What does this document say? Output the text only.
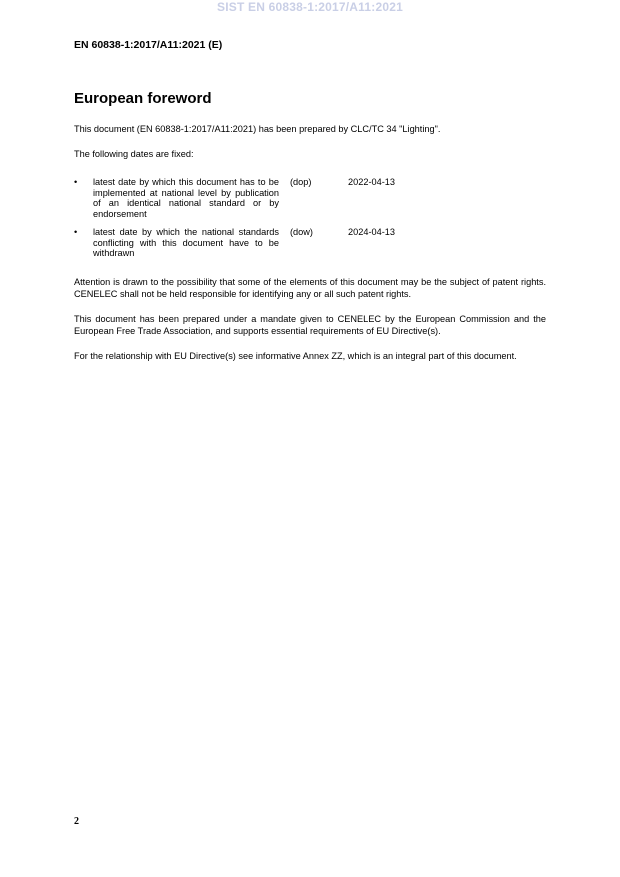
SIST EN 60838-1:2017/A11:2021
EN 60838-1:2017/A11:2021 (E)
European foreword

This document (EN 60838-1:2017/A11:2021) has been prepared by CLC/TC 34 "Lighting".

The following dates are fixed:

• latest date by which this document has to be implemented at national level by publication of an identical national standard or by endorsement
(dop)	2022-04-13
• latest date by which the national standards conflicting with this document have to be withdrawn
(dow)	2024-04-13

Attention is drawn to the possibility that some of the elements of this document may be the subject of patent rights. CENELEC shall not be held responsible for identifying any or all such patent rights.

This document has been prepared under a mandate given to CENELEC by the European Commission and the European Free Trade Association, and supports essential requirements of EU Directive(s).

For the relationship with EU Directive(s) see informative Annex ZZ, which is an integral part of this document.

2
